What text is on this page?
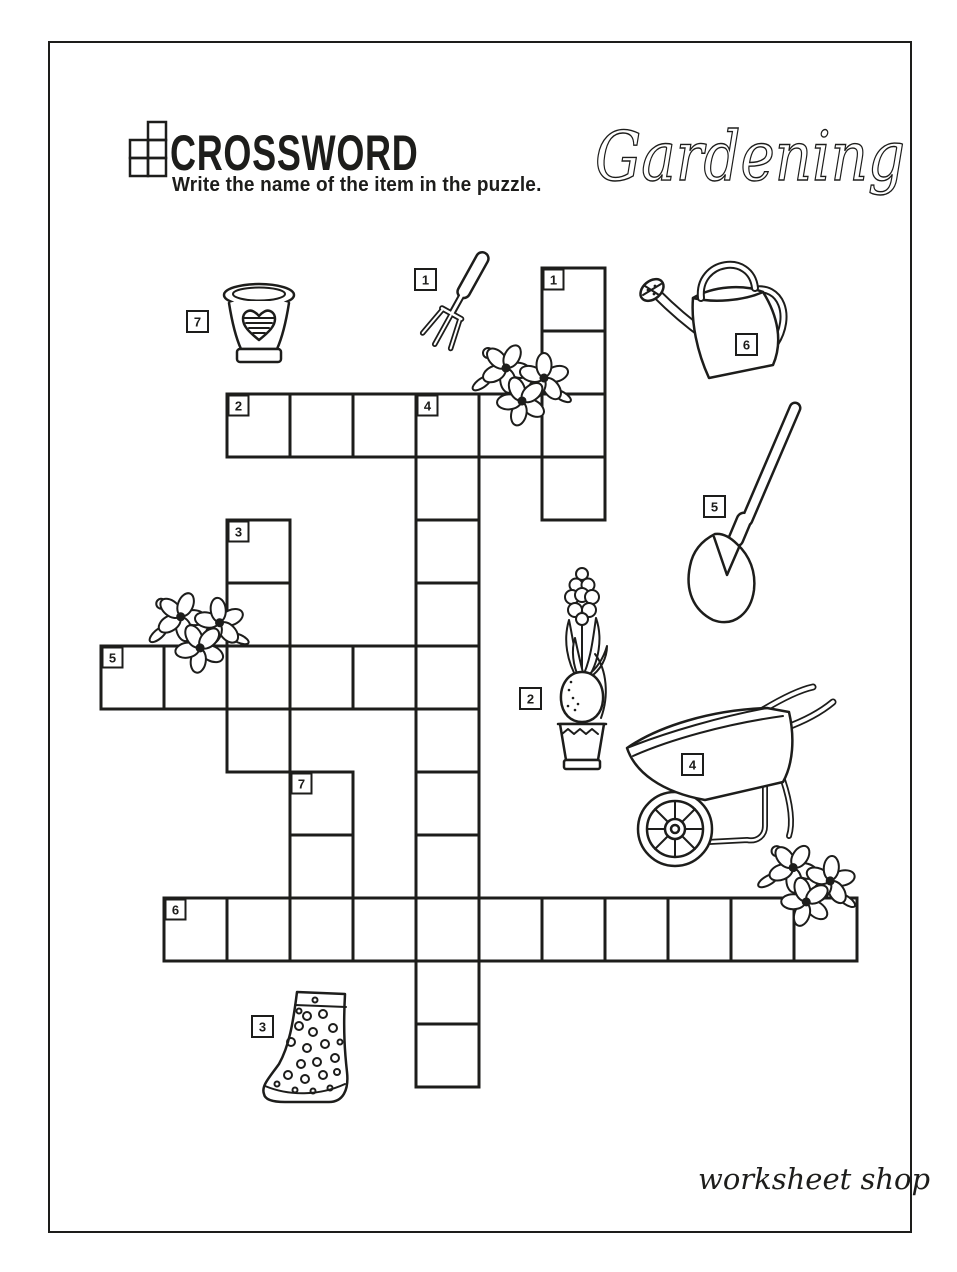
CROSSWORD
Write the name of the item in the puzzle. Gardening
1
2
3
4
5
6
7
1
2
3
4
5
6
7
worksheet shop
